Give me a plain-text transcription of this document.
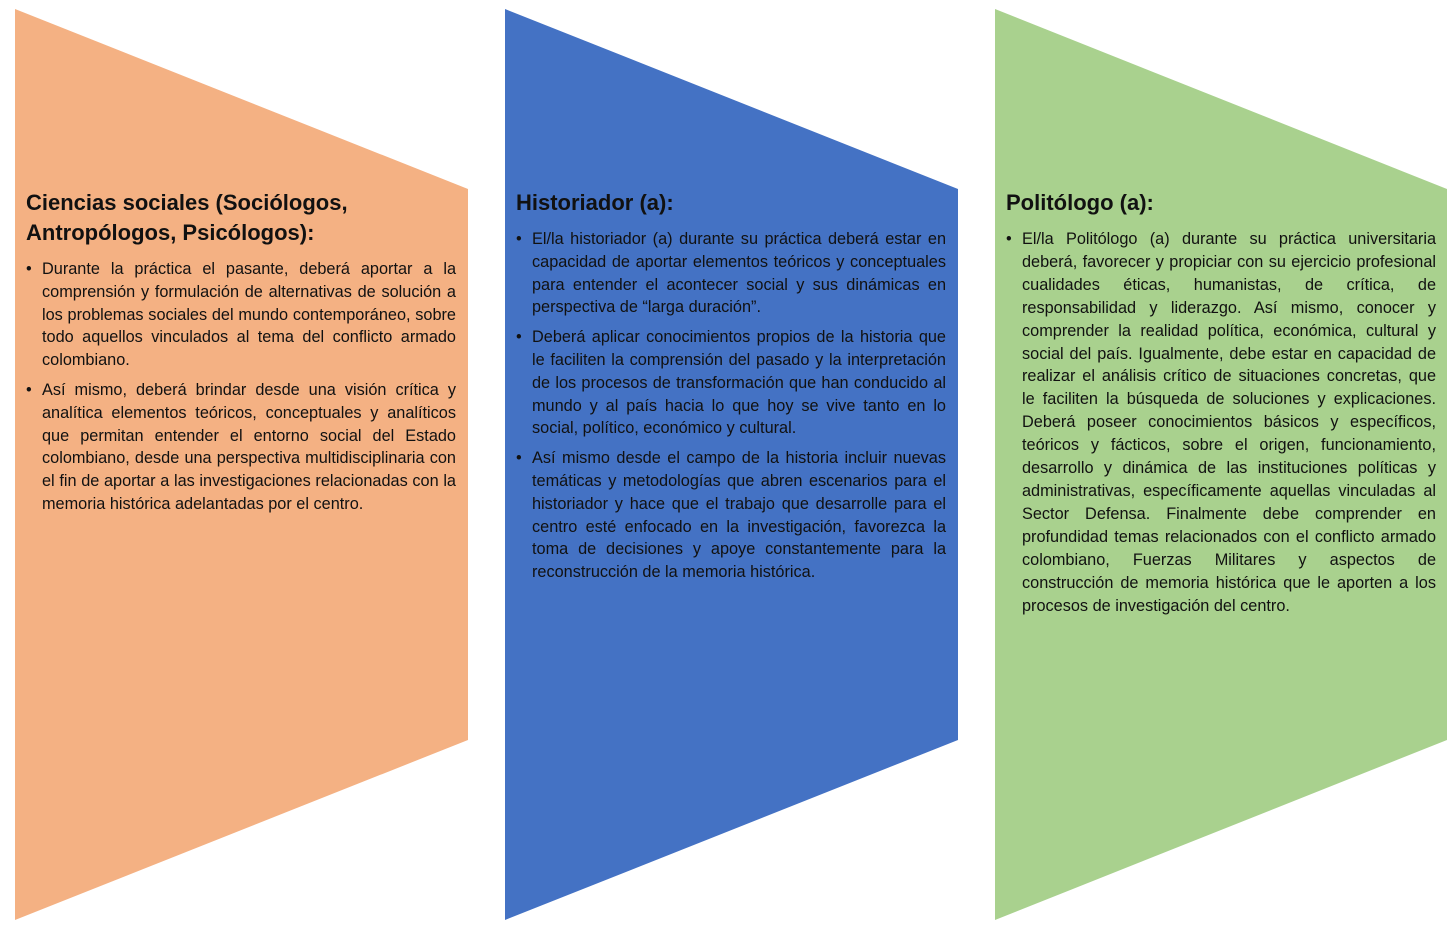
Ciencias sociales (Sociólogos, Antropólogos, Psicólogos):
• Durante la práctica el pasante, deberá aportar a la comprensión y formulación de alternativas de solución a los problemas sociales del mundo contemporáneo, sobre todo aquellos vinculados al tema del conflicto armado colombiano.
• Así mismo, deberá brindar desde una visión crítica y analítica elementos teóricos, conceptuales y analíticos que permitan entender el entorno social del Estado colombiano, desde una perspectiva multidisciplinaria con el fin de aportar a las investigaciones relacionadas con la memoria histórica adelantadas por el centro.
Historiador (a):
• El/la historiador (a) durante su práctica deberá estar en capacidad de aportar elementos teóricos y conceptuales para entender el acontecer social y sus dinámicas en perspectiva de “larga duración”.
• Deberá aplicar conocimientos propios de la historia que le faciliten la comprensión del pasado y la interpretación de los procesos de transformación que han conducido al mundo y al país hacia lo que hoy se vive tanto en lo social, político, económico y cultural.
• Así mismo desde el campo de la historia incluir nuevas temáticas y metodologías que abren escenarios para el historiador y hace que el trabajo que desarrolle para el centro esté enfocado en la investigación, favorezca la toma de decisiones y apoye constantemente para la reconstrucción de la memoria histórica.
Politólogo (a):
• El/la Politólogo (a) durante su práctica universitaria deberá, favorecer y propiciar con su ejercicio profesional cualidades éticas, humanistas, de crítica, de responsabilidad y liderazgo. Así mismo, conocer y comprender la realidad política, económica, cultural y social del país. Igualmente, debe estar en capacidad de realizar el análisis crítico de situaciones concretas, que le faciliten la búsqueda de soluciones y explicaciones. Deberá poseer conocimientos básicos y específicos, teóricos y fácticos, sobre el origen, funcionamiento, desarrollo y dinámica de las instituciones políticas y administrativas, específicamente aquellas vinculadas al Sector Defensa. Finalmente debe comprender en profundidad temas relacionados con el conflicto armado colombiano, Fuerzas Militares y aspectos de construcción de memoria histórica que le aporten a los procesos de investigación del centro.
